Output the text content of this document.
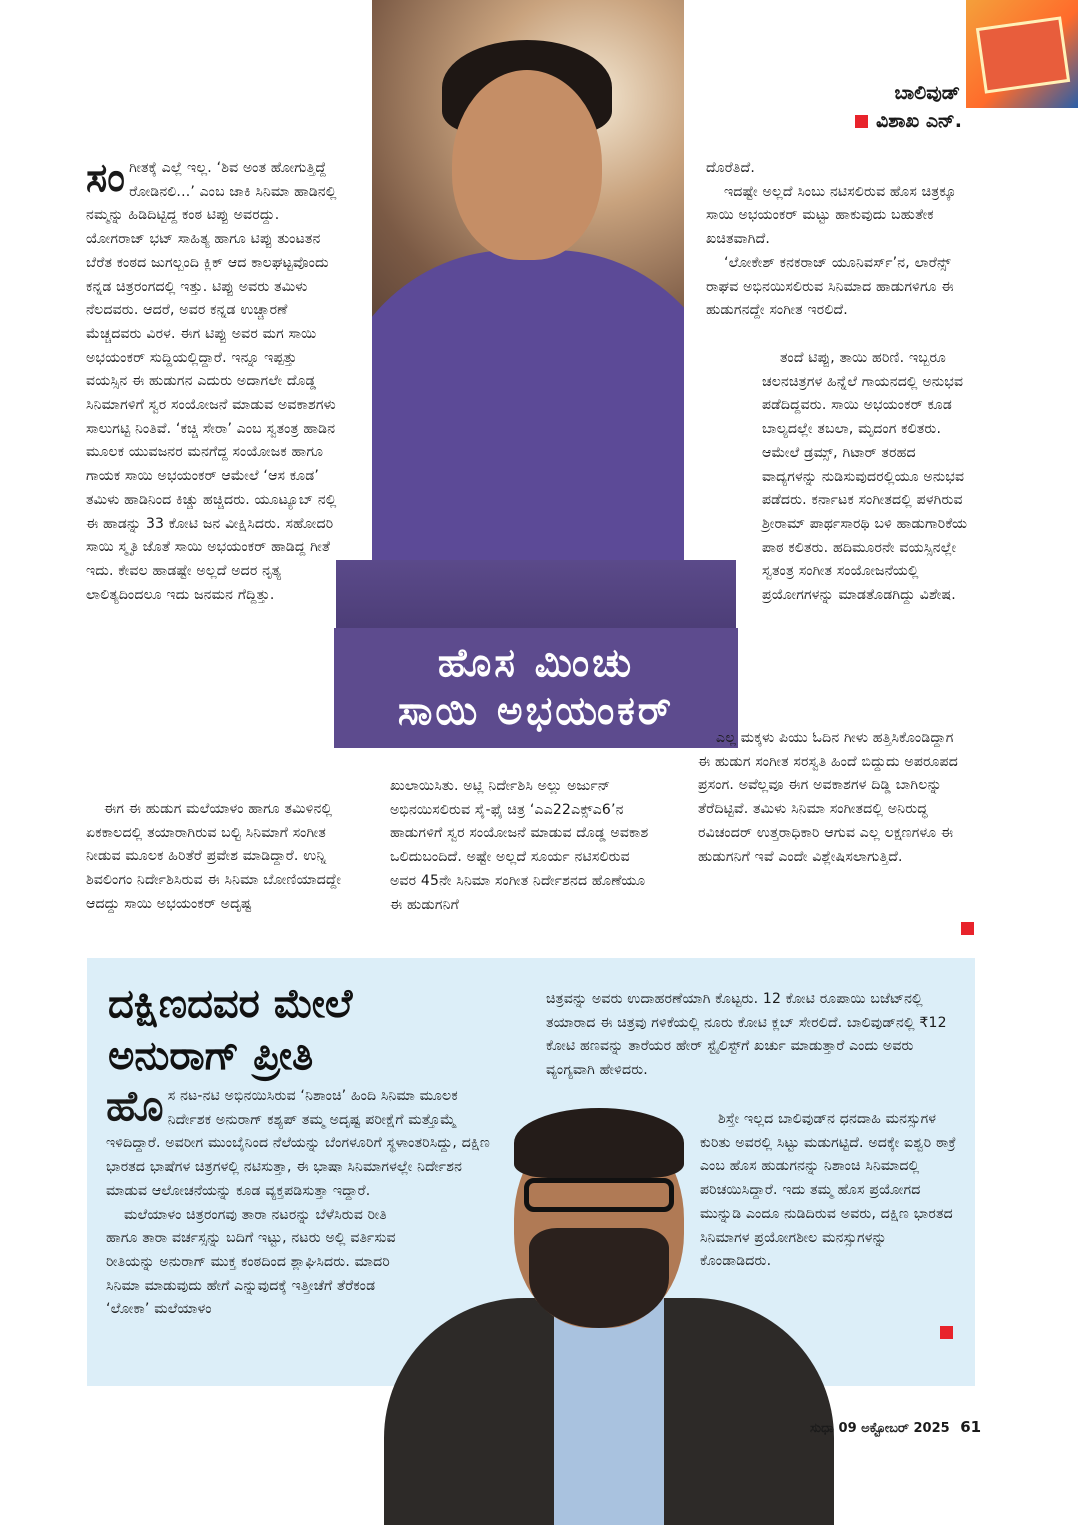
ಬಾಲಿವುಡ್
ವಿಶಾಖ ಎನ್.
ಹೊಸ ಮಿಂಚು
ಸಾಯಿ ಅಭಯಂಕರ್

ಸಂಗೀತಕ್ಕೆ ಎಲ್ಲೆ ಇಲ್ಲ. ‘ಶಿವ ಅಂತ ಹೋಗುತ್ತಿದ್ದೆ ರೋಡಿನಲಿ...’ ಎಂಬ ಜಾಕಿ ಸಿನಿಮಾ ಹಾಡಿನಲ್ಲಿ ನಮ್ಮನ್ನು ಹಿಡಿದಿಟ್ಟಿದ್ದ ಕಂಠ ಟಿಪ್ಪು ಅವರದ್ದು. ಯೋಗರಾಜ್ ಭಟ್ ಸಾಹಿತ್ಯ ಹಾಗೂ ಟಿಪ್ಪು ತುಂಟತನ ಬೆರೆತ ಕಂಠದ ಜುಗಲ್ಬಂದಿ ಕ್ಲಿಕ್ ಆದ ಕಾಲಘಟ್ಟವೊಂದು ಕನ್ನಡ ಚಿತ್ರರಂಗದಲ್ಲಿ ಇತ್ತು. ಟಿಪ್ಪು ಅವರು ತಮಿಳು ನೆಲದವರು. ಆದರೆ, ಅವರ ಕನ್ನಡ ಉಚ್ಚಾರಣೆ ಮೆಚ್ಚದವರು ವಿರಳ. ಈಗ ಟಿಪ್ಪು ಅವರ ಮಗ ಸಾಯಿ ಅಭಯಂಕರ್ ಸುದ್ದಿಯಲ್ಲಿದ್ದಾರೆ. ಇನ್ನೂ ಇಪ್ಪತ್ತು ವಯಸ್ಸಿನ ಈ ಹುಡುಗನ ಎದುರು ಅದಾಗಲೇ ದೊಡ್ಡ ಸಿನಿಮಾಗಳಿಗೆ ಸ್ವರ ಸಂಯೋಜನೆ ಮಾಡುವ ಅವಕಾಶಗಳು ಸಾಲುಗಟ್ಟಿ ನಿಂತಿವೆ. ‘ಕಚ್ಚಿ ಸೇರಾ’ ಎಂಬ ಸ್ವತಂತ್ರ ಹಾಡಿನ ಮೂಲಕ ಯುವಜನರ ಮನಗೆದ್ದ ಸಂಯೋಜಕ ಹಾಗೂ ಗಾಯಕ ಸಾಯಿ ಅಭಯಂಕರ್ ಆಮೇಲೆ ‘ಆಸ ಕೂಡ’ ತಮಿಳು ಹಾಡಿನಿಂದ ಕಿಚ್ಚು ಹಚ್ಚಿದರು. ಯೂಟ್ಯೂಬ್ ನಲ್ಲಿ ಈ ಹಾಡನ್ನು 33 ಕೋಟಿ ಜನ ವೀಕ್ಷಿಸಿದರು. ಸಹೋದರಿ ಸಾಯಿ ಸ್ಮೃತಿ ಜೊತೆ ಸಾಯಿ ಅಭಯಂಕರ್ ಹಾಡಿದ್ದ ಗೀತೆ ಇದು. ಕೇವಲ ಹಾಡಷ್ಟೇ ಅಲ್ಲದೆ ಅದರ ನೃತ್ಯ ಲಾಲಿತ್ಯದಿಂದಲೂ ಇದು ಜನಮನ ಗೆದ್ದಿತ್ತು.

ಈಗ ಈ ಹುಡುಗ ಮಲೆಯಾಳಂ ಹಾಗೂ ತಮಿಳಿನಲ್ಲಿ ಏಕಕಾಲದಲ್ಲಿ ತಯಾರಾಗಿರುವ ಬಲ್ಟಿ ಸಿನಿಮಾಗೆ ಸಂಗೀತ ನೀಡುವ ಮೂಲಕ ಹಿರಿತೆರೆ ಪ್ರವೇಶ ಮಾಡಿದ್ದಾರೆ. ಉನ್ನಿ ಶಿವಲಿಂಗಂ ನಿರ್ದೇಶಿಸಿರುವ ಈ ಸಿನಿಮಾ ಬೋಣಿಯಾದದ್ದೇ ಆದದ್ದು ಸಾಯಿ ಅಭಯಂಕರ್ ಅದೃಷ್ಟ

ಖುಲಾಯಿಸಿತು. ಅಟ್ಲಿ ನಿರ್ದೇಶಿಸಿ ಅಲ್ಲು ಅರ್ಜುನ್ ಅಭಿನಯಿಸಲಿರುವ ಸೈ-ಫೈ ಚಿತ್ರ ‘ಎಎ22ಎಕ್ಸ್ಎ6’ನ ಹಾಡುಗಳಿಗೆ ಸ್ವರ ಸಂಯೋಜನೆ ಮಾಡುವ ದೊಡ್ಡ ಅವಕಾಶ ಒಲಿದುಬಂದಿದೆ. ಅಷ್ಟೇ ಅಲ್ಲದೆ ಸೂರ್ಯ ನಟಿಸಲಿರುವ ಅವರ 45ನೇ ಸಿನಿಮಾ ಸಂಗೀತ ನಿರ್ದೇಶನದ ಹೊಣೆಯೂ ಈ ಹುಡುಗನಿಗೆ

ದೊರೆತಿದೆ.

ಇದಷ್ಟೇ ಅಲ್ಲದೆ ಸಿಂಬು ನಟಿಸಲಿರುವ ಹೊಸ ಚಿತ್ರಕ್ಕೂ ಸಾಯಿ ಅಭಯಂಕರ್ ಮಟ್ಟು ಹಾಕುವುದು ಬಹುತೇಕ ಖಚಿತವಾಗಿದೆ.

‘ಲೋಕೇಶ್ ಕನಕರಾಜ್ ಯೂನಿವರ್ಸ್’ನ, ಲಾರೆನ್ಸ್ ರಾಘವ ಅಭಿನಯಿಸಲಿರುವ ಸಿನಿಮಾದ ಹಾಡುಗಳಿಗೂ ಈ ಹುಡುಗನದ್ದೇ ಸಂಗೀತ ಇರಲಿದೆ.

ತಂದೆ ಟಿಪ್ಪು, ತಾಯಿ ಹರಿಣಿ. ಇಬ್ಬರೂ ಚಲನಚಿತ್ರಗಳ ಹಿನ್ನೆಲೆ ಗಾಯನದಲ್ಲಿ ಅನುಭವ ಪಡೆದಿದ್ದವರು. ಸಾಯಿ ಅಭಯಂಕರ್ ಕೂಡ ಬಾಲ್ಯದಲ್ಲೇ ತಬಲಾ, ಮೃದಂಗ ಕಲಿತರು. ಆಮೇಲೆ ಡ್ರಮ್ಸ್, ಗಿಟಾರ್ ತರಹದ ವಾದ್ಯಗಳನ್ನು ನುಡಿಸುವುದರಲ್ಲಿಯೂ ಅನುಭವ ಪಡೆದರು. ಕರ್ನಾಟಕ ಸಂಗೀತದಲ್ಲಿ ಪಳಗಿರುವ ಶ್ರೀರಾಮ್ ಪಾರ್ಥಸಾರಥಿ ಬಳಿ ಹಾಡುಗಾರಿಕೆಯ ಪಾಠ ಕಲಿತರು. ಹದಿಮೂರನೇ ವಯಸ್ಸಿನಲ್ಲೇ ಸ್ವತಂತ್ರ ಸಂಗೀತ ಸಂಯೋಜನೆಯಲ್ಲಿ ಪ್ರಯೋಗಗಳನ್ನು ಮಾಡತೊಡಗಿದ್ದು ವಿಶೇಷ.

ಎಲ್ಲ ಮಕ್ಕಳು ಪಿಯು ಓದಿನ ಗೀಳು ಹತ್ತಿಸಿಕೊಂಡಿದ್ದಾಗ ಈ ಹುಡುಗ ಸಂಗೀತ ಸರಸ್ವತಿ ಹಿಂದೆ ಬಿದ್ದುದು ಅಪರೂಪದ ಪ್ರಸಂಗ. ಅವೆಲ್ಲವೂ ಈಗ ಅವಕಾಶಗಳ ದಿಡ್ಡಿ ಬಾಗಿಲನ್ನು ತೆರೆದಿಟ್ಟಿವೆ. ತಮಿಳು ಸಿನಿಮಾ ಸಂಗೀತದಲ್ಲಿ ಅನಿರುದ್ಧ ರವಿಚಂದರ್ ಉತ್ತರಾಧಿಕಾರಿ ಆಗುವ ಎಲ್ಲ ಲಕ್ಷಣಗಳೂ ಈ ಹುಡುಗನಿಗೆ ಇವೆ ಎಂದೇ ವಿಶ್ಲೇಷಿಸಲಾಗುತ್ತಿದೆ.

ದಕ್ಷಿಣದವರ ಮೇಲೆ
ಅನುರಾಗ್ ಪ್ರೀತಿ

ಹೊಸ ನಟ-ನಟಿ ಅಭಿನಯಿಸಿರುವ ‘ನಿಶಾಂಚಿ’ ಹಿಂದಿ ಸಿನಿಮಾ ಮೂಲಕ ನಿರ್ದೇಶಕ ಅನುರಾಗ್ ಕಶ್ಯಪ್ ತಮ್ಮ ಅದೃಷ್ಟ ಪರೀಕ್ಷೆಗೆ ಮತ್ತೊಮ್ಮೆ ಇಳಿದಿದ್ದಾರೆ. ಅವರೀಗ ಮುಂಬೈನಿಂದ ನೆಲೆಯನ್ನು ಬೆಂಗಳೂರಿಗೆ ಸ್ಥಳಾಂತರಿಸಿದ್ದು, ದಕ್ಷಿಣ ಭಾರತದ ಭಾಷೆಗಳ ಚಿತ್ರಗಳಲ್ಲಿ ನಟಿಸುತ್ತಾ, ಈ ಭಾಷಾ ಸಿನಿಮಾಗಳಲ್ಲೇ ನಿರ್ದೇಶನ ಮಾಡುವ ಆಲೋಚನೆಯನ್ನು ಕೂಡ ವ್ಯಕ್ತಪಡಿಸುತ್ತಾ ಇದ್ದಾರೆ.

ಮಲೆಯಾಳಂ ಚಿತ್ರರಂಗವು ತಾರಾ ನಟರನ್ನು ಬೆಳೆಸಿರುವ ರೀತಿ ಹಾಗೂ ತಾರಾ ವರ್ಚಸ್ಸನ್ನು ಬದಿಗೆ ಇಟ್ಟು, ನಟರು ಅಲ್ಲಿ ವರ್ತಿಸುವ ರೀತಿಯನ್ನು ಅನುರಾಗ್ ಮುಕ್ತ ಕಂಠದಿಂದ ಶ್ಲಾಘಿಸಿದರು. ಮಾದರಿ ಸಿನಿಮಾ ಮಾಡುವುದು ಹೇಗೆ ಎನ್ನುವುದಕ್ಕೆ ಇತ್ತೀಚೆಗೆ ತೆರೆಕಂಡ ‘ಲೋಕಾ’ ಮಲೆಯಾಳಂ

ಚಿತ್ರವನ್ನು ಅವರು ಉದಾಹರಣೆಯಾಗಿ ಕೊಟ್ಟರು. 12 ಕೋಟಿ ರೂಪಾಯಿ ಬಜೆಟ್‌ನಲ್ಲಿ ತಯಾರಾದ ಈ ಚಿತ್ರವು ಗಳಿಕೆಯಲ್ಲಿ ನೂರು ಕೋಟಿ ಕ್ಲಬ್ ಸೇರಲಿದೆ. ಬಾಲಿವುಡ್‌ನಲ್ಲಿ ₹12 ಕೋಟಿ ಹಣವನ್ನು ತಾರೆಯರ ಹೇರ್ ಸ್ಟೈಲಿಸ್ಟ್‌ಗೆ ಖರ್ಚು ಮಾಡುತ್ತಾರೆ ಎಂದು ಅವರು ವ್ಯಂಗ್ಯವಾಗಿ ಹೇಳಿದರು.

ಶಿಸ್ತೇ ಇಲ್ಲದ ಬಾಲಿವುಡ್‌ನ ಧನದಾಹಿ ಮನಸ್ಸುಗಳ ಕುರಿತು ಅವರಲ್ಲಿ ಸಿಟ್ಟು ಮಡುಗಟ್ಟಿದೆ. ಅದಕ್ಕೇ ಐಶ್ವರಿ ಠಾಕ್ರೆ ಎಂಬ ಹೊಸ ಹುಡುಗನನ್ನು ನಿಶಾಂಚಿ ಸಿನಿಮಾದಲ್ಲಿ ಪರಿಚಯಿಸಿದ್ದಾರೆ. ಇದು ತಮ್ಮ ಹೊಸ ಪ್ರಯೋಗದ ಮುನ್ನುಡಿ ಎಂದೂ ನುಡಿದಿರುವ ಅವರು, ದಕ್ಷಿಣ ಭಾರತದ ಸಿನಿಮಾಗಳ ಪ್ರಯೋಗಶೀಲ ಮನಸ್ಸುಗಳನ್ನು ಕೊಂಡಾಡಿದರು.

ಸುಧಾ 09 ಅಕ್ಟೋಬರ್ 2025 61
